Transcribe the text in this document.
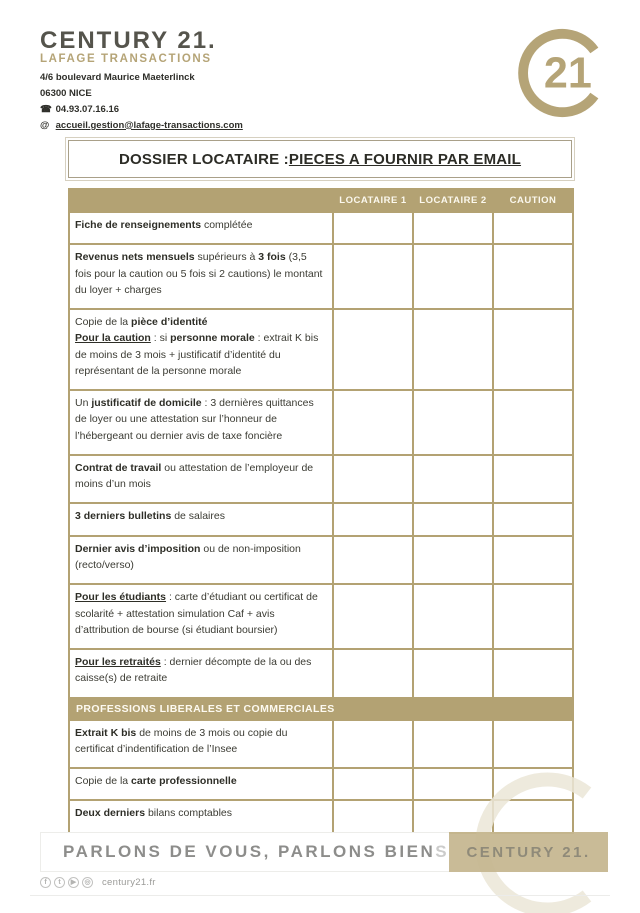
CENTURY 21.
LAFAGE TRANSACTIONS
4/6 boulevard Maurice Maeterlinck
06300 NICE
☎ 04.93.07.16.16
@ accueil.gestion@lafage-transactions.com
21
DOSSIER LOCATAIRE : PIECES A FOURNIR PAR EMAIL
	LOCATAIRE 1	LOCATAIRE 2	CAUTION
Fiche de renseignements complétée			
Revenus nets mensuels supérieurs à 3 fois (3,5 fois pour la caution ou 5 fois si 2 cautions) le montant du loyer + charges			
Copie de la pièce d’identité
Pour la caution : si personne morale : extrait K bis de moins de 3 mois + justificatif d’identité du représentant de la personne morale			
Un justificatif de domicile : 3 dernières quittances de loyer ou une attestation sur l’honneur de l’hébergeant ou dernier avis de taxe foncière			
Contrat de travail ou attestation de l’employeur de moins d’un mois			
3 derniers bulletins de salaires			
Dernier avis d’imposition ou de non-imposition (recto/verso)			
Pour les étudiants : carte d’étudiant ou certificat de scolarité + attestation simulation Caf + avis d’attribution de bourse (si étudiant boursier)			
Pour les retraités : dernier décompte de la ou des caisse(s) de retraite			
PROFESSIONS LIBERALES ET COMMERCIALES			
Extrait K bis de moins de 3 mois ou copie du certificat d’indentification de l’Insee			
Copie de la carte professionnelle			
Deux derniers bilans comptables			
PARLONS DE VOUS, PARLONS BIEN S CENTURY 21.
f	t	▶	◎ century21.fr
